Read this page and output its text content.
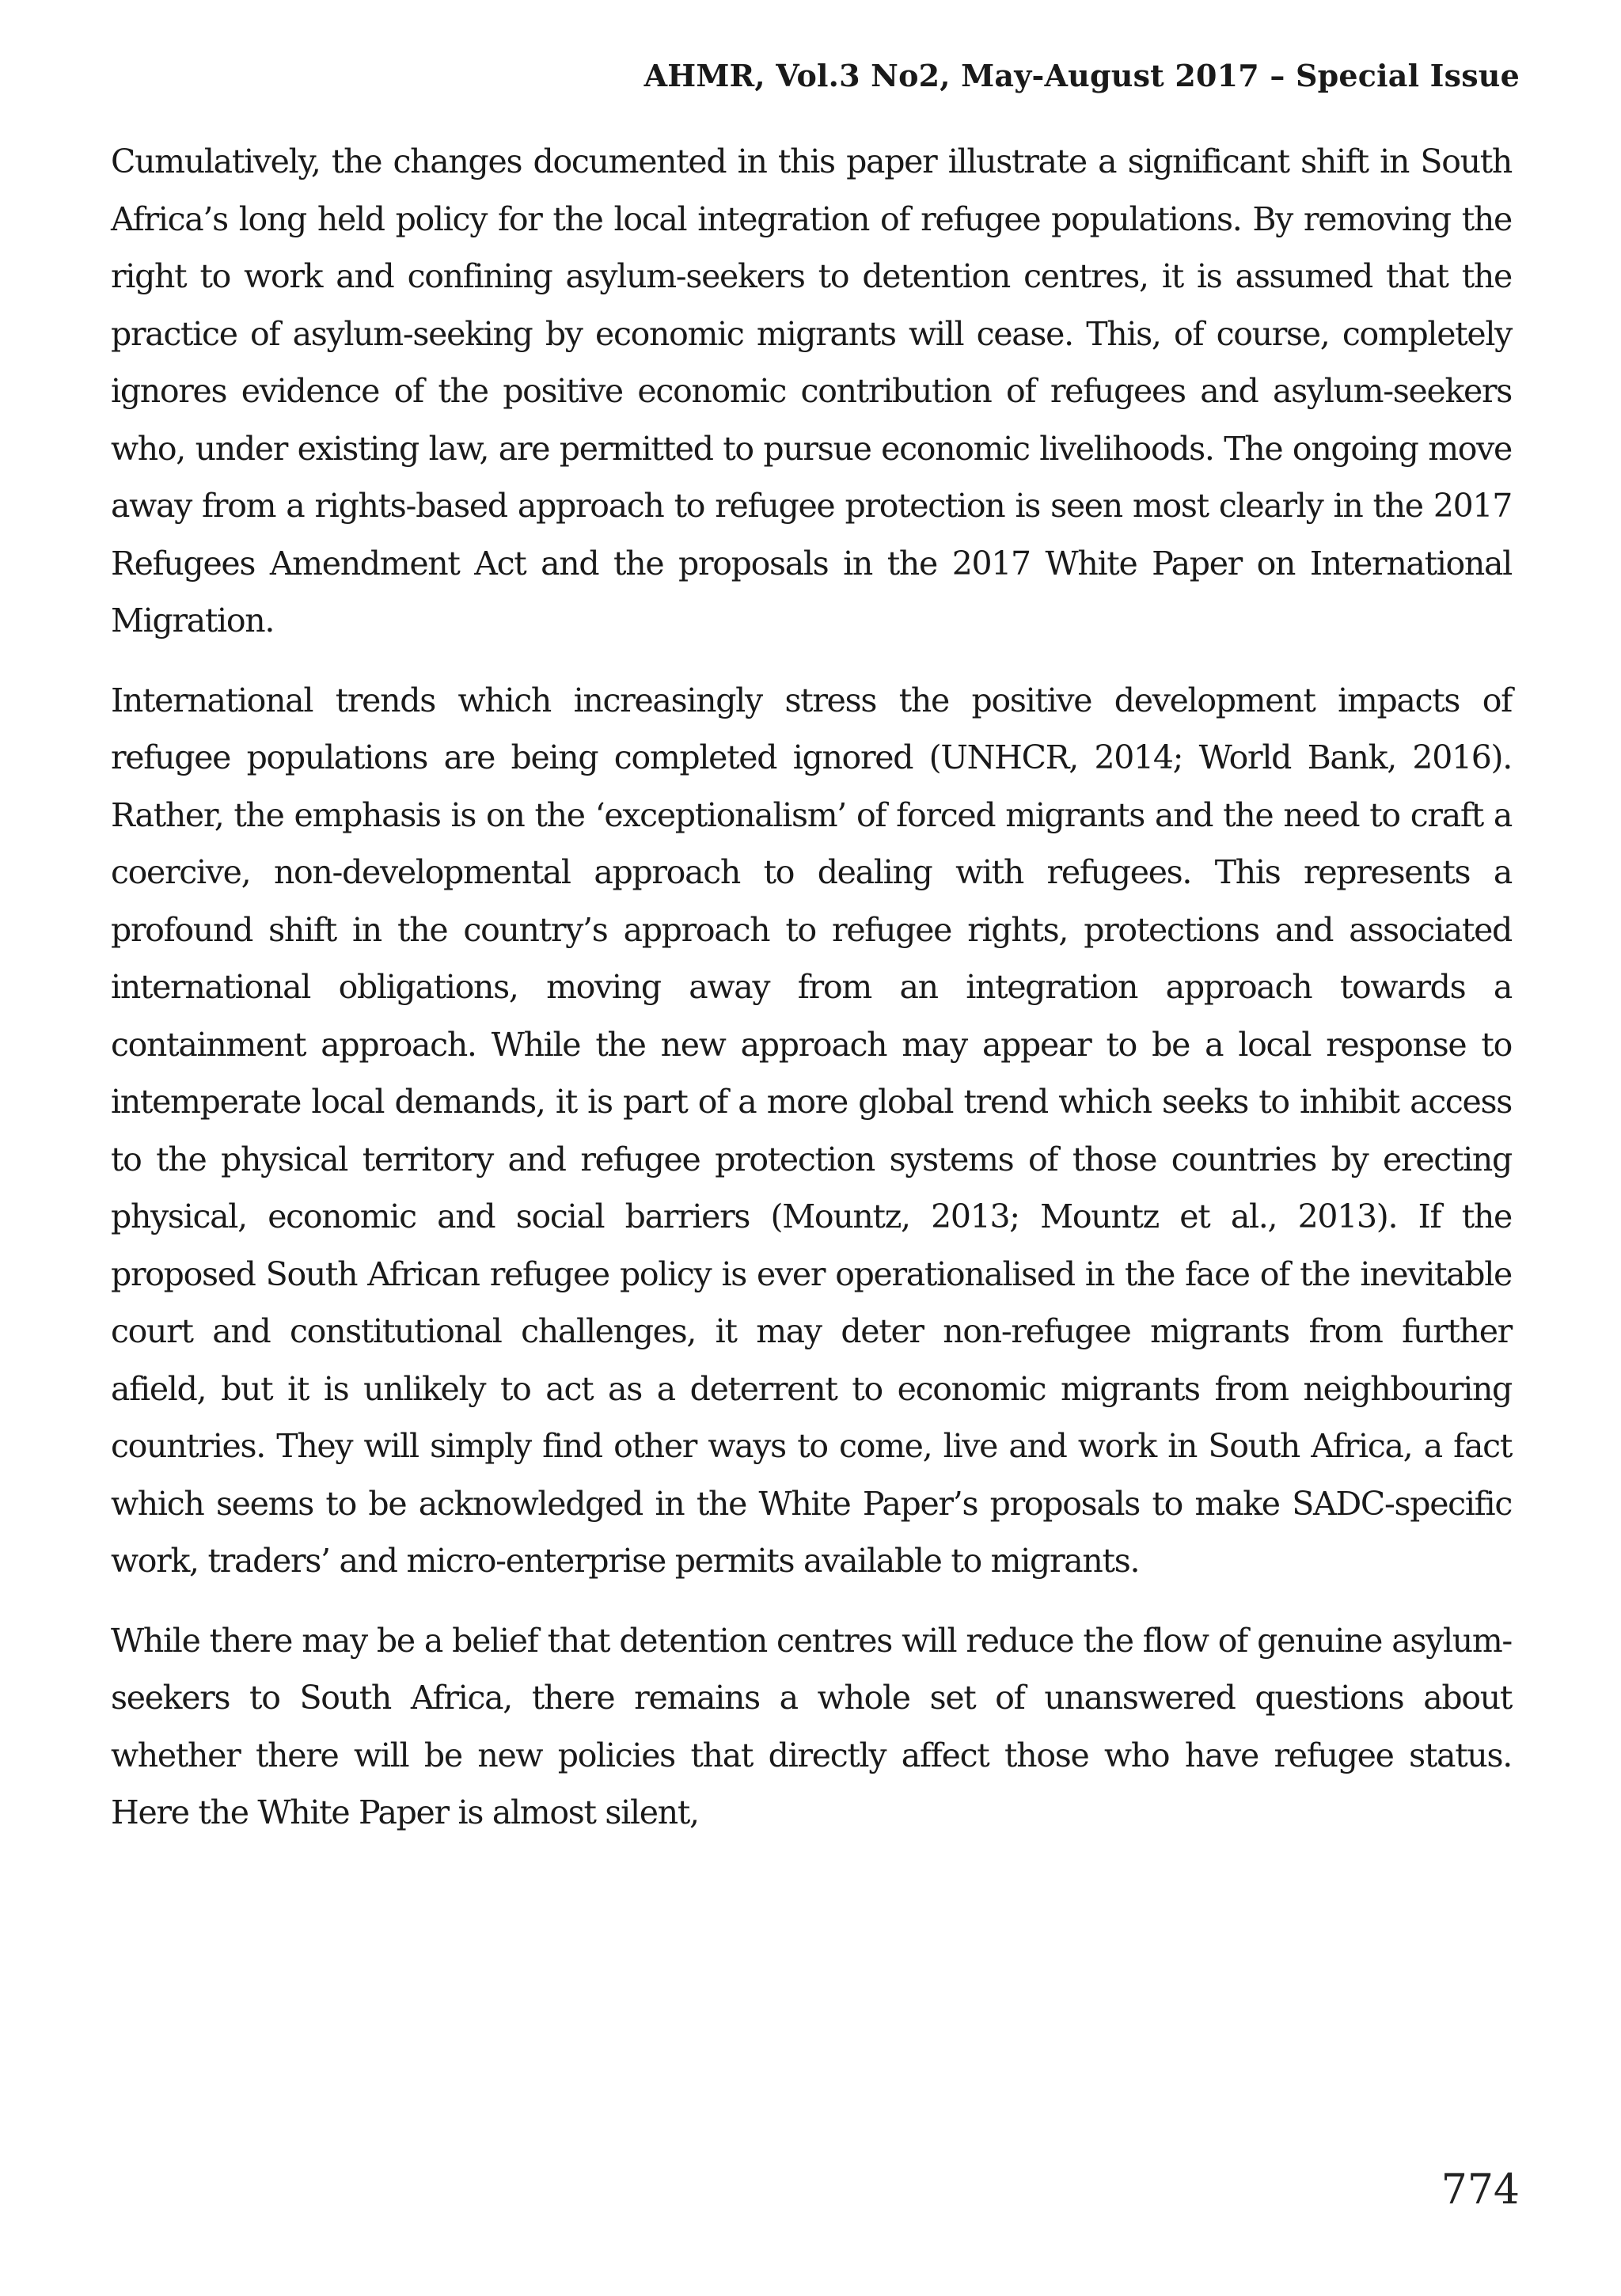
AHMR, Vol.3 No2, May-August 2017 – Special Issue

Cumulatively, the changes documented in this paper illustrate a significant shift in South Africa’s long held policy for the local integration of refugee populations. By removing the right to work and confining asylum-seekers to detention centres, it is assumed that the practice of asylum-seeking by economic migrants will cease. This, of course, completely ignores evidence of the positive economic contribution of refugees and asylum-seekers who, under existing law, are permitted to pursue economic livelihoods. The ongoing move away from a rights-based approach to refugee protection is seen most clearly in the 2017 Refugees Amendment Act and the proposals in the 2017 White Paper on International Migration.

International trends which increasingly stress the positive development impacts of refugee populations are being completed ignored (UNHCR, 2014; World Bank, 2016). Rather, the emphasis is on the ‘exceptionalism’ of forced migrants and the need to craft a coercive, non-developmental approach to dealing with refugees. This represents a profound shift in the country’s approach to refugee rights, protections and associated international obligations, moving away from an integration approach towards a containment approach. While the new approach may appear to be a local response to intemperate local demands, it is part of a more global trend which seeks to inhibit access to the physical territory and refugee protection systems of those countries by erecting physical, economic and social barriers (Mountz, 2013; Mountz et al., 2013). If the proposed South African refugee policy is ever operationalised in the face of the inevitable court and constitutional challenges, it may deter non-refugee migrants from further afield, but it is unlikely to act as a deterrent to economic migrants from neighbouring countries. They will simply find other ways to come, live and work in South Africa, a fact which seems to be acknowledged in the White Paper’s proposals to make SADC-specific work, traders’ and micro-enterprise permits available to migrants.

While there may be a belief that detention centres will reduce the flow of genuine asylum-seekers to South Africa, there remains a whole set of unanswered questions about whether there will be new policies that directly affect those who have refugee status. Here the White Paper is almost silent,

774
